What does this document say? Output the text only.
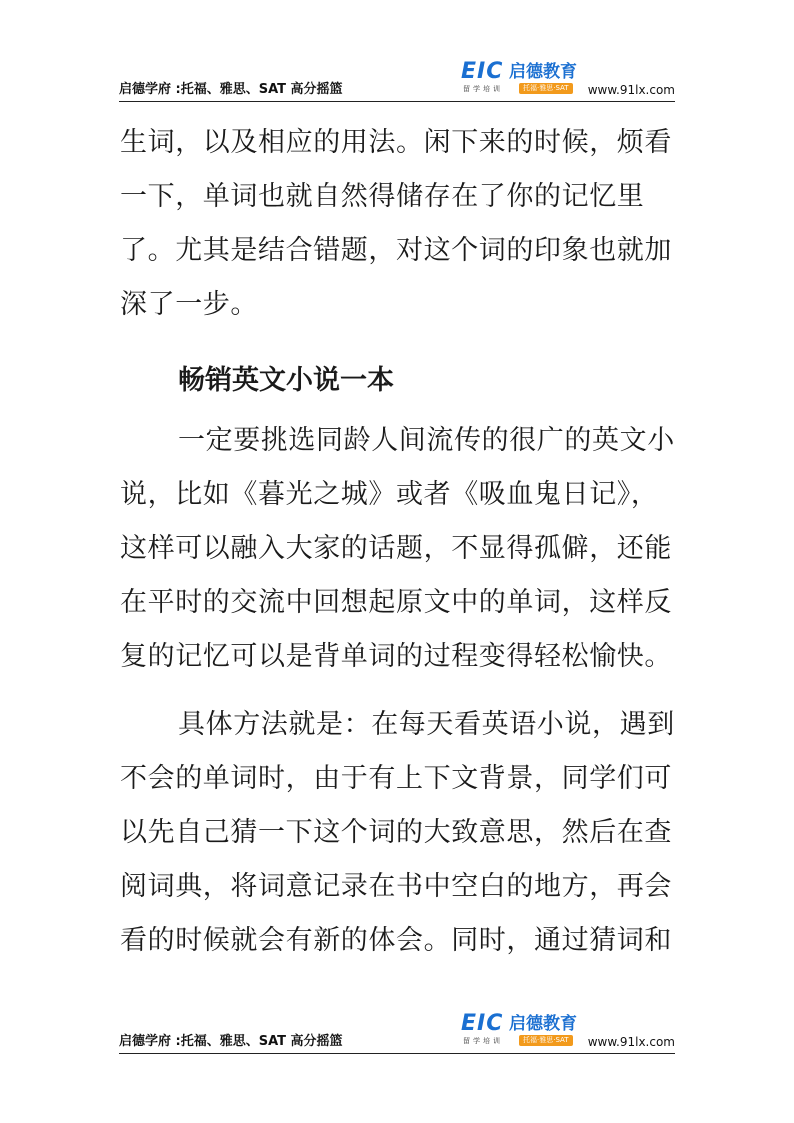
启德学府 :托福、雅思、SAT 高分摇篮
EIC 启德教育
留学培训	托福·雅思·SAT	www.91lx.com

生词，以及相应的用法。闲下来的时候，烦看一下，单词也就自然得储存在了你的记忆里了。尤其是结合错题，对这个词的印象也就加深了一步。

畅销英文小说一本

一定要挑选同龄人间流传的很广的英文小说，比如《暮光之城》或者《吸血鬼日记》，这样可以融入大家的话题，不显得孤僻，还能在平时的交流中回想起原文中的单词，这样反复的记忆可以是背单词的过程变得轻松愉快。

具体方法就是：在每天看英语小说，遇到不会的单词时，由于有上下文背景，同学们可以先自己猜一下这个词的大致意思，然后在查阅词典，将词意记录在书中空白的地方，再会看的时候就会有新的体会。同时，通过猜词和

启德学府 :托福、雅思、SAT 高分摇篮
EIC 启德教育
留学培训	托福·雅思·SAT	www.91lx.com
